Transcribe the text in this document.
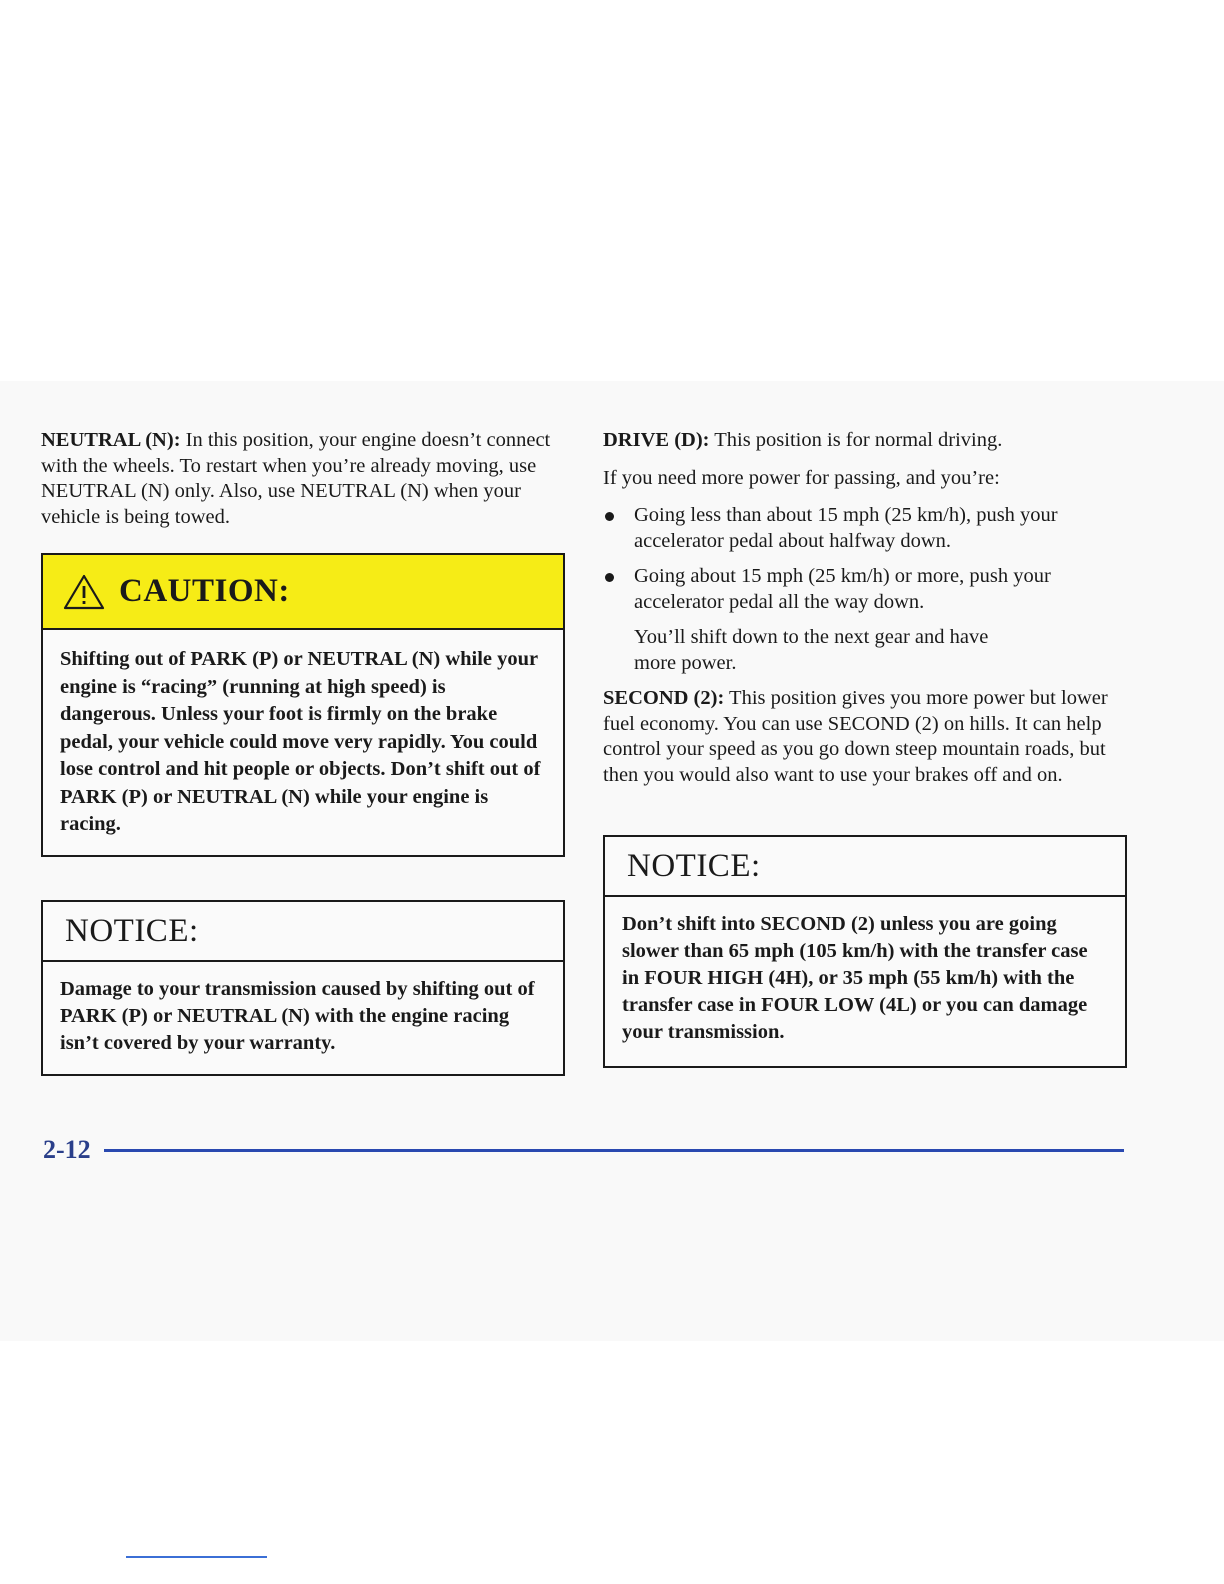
NEUTRAL (N): In this position, your engine doesn’t connect with the wheels. To restart when you’re already moving, use NEUTRAL (N) only. Also, use NEUTRAL (N) when your vehicle is being towed.

CAUTION:
Shifting out of PARK (P) or NEUTRAL (N) while your engine is “racing” (running at high speed) is dangerous. Unless your foot is firmly on the brake pedal, your vehicle could move very rapidly. You could lose control and hit people or objects. Don’t shift out of PARK (P) or NEUTRAL (N) while your engine is racing.
NOTICE:
Damage to your transmission caused by shifting out of PARK (P) or NEUTRAL (N) with the engine racing isn’t covered by your warranty.

DRIVE (D): This position is for normal driving.

If you need more power for passing, and you’re:

Going less than about 15 mph (25 km/h), push your accelerator pedal about halfway down.
Going about 15 mph (25 km/h) or more, push your accelerator pedal all the way down.

You’ll shift down to the next gear and have more power.

SECOND (2): This position gives you more power but lower fuel economy. You can use SECOND (2) on hills. It can help control your speed as you go down steep mountain roads, but then you would also want to use your brakes off and on.

NOTICE:
Don’t shift into SECOND (2) unless you are going slower than 65 mph (105 km/h) with the transfer case in FOUR HIGH (4H), or 35 mph (55 km/h) with the transfer case in FOUR LOW (4L) or you can damage your transmission.
2-12
